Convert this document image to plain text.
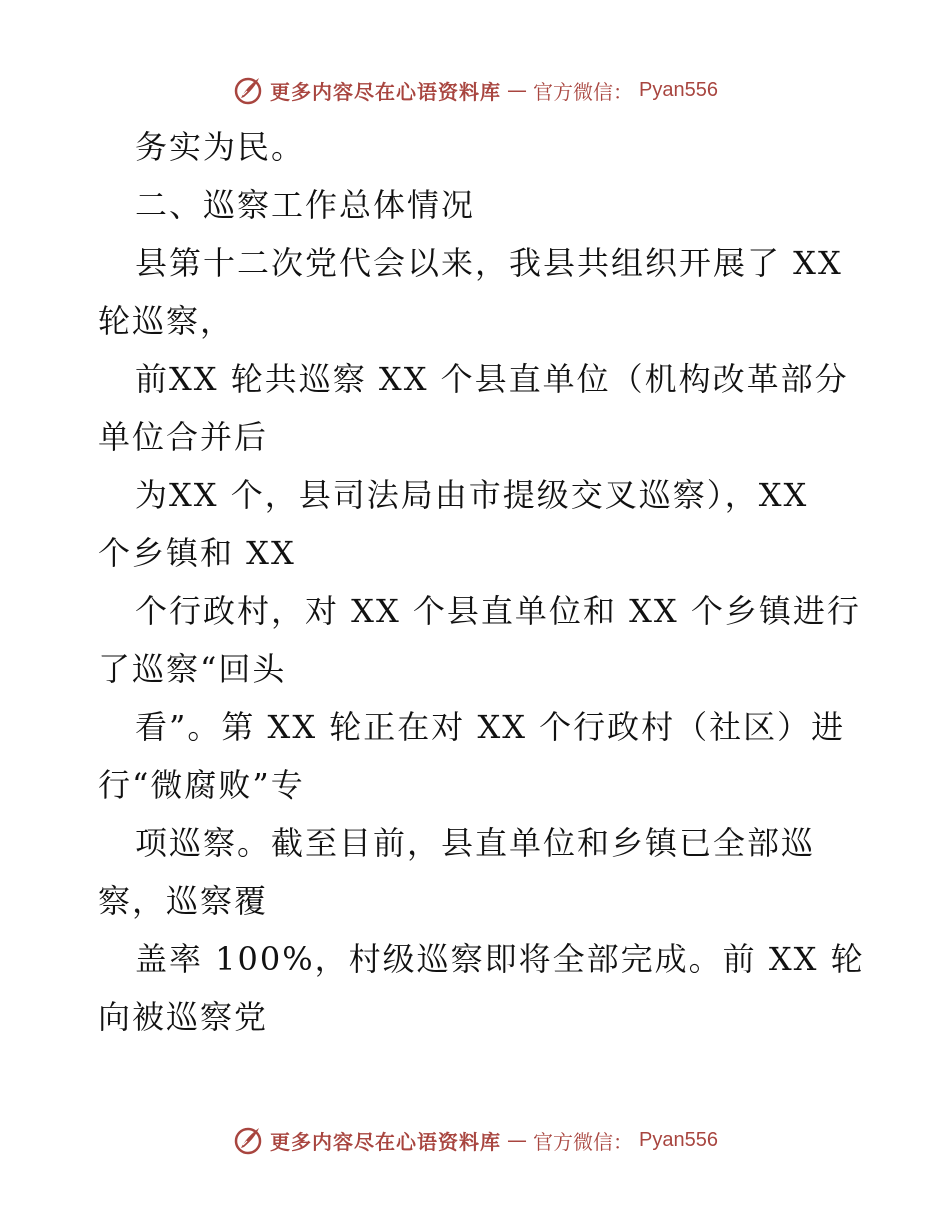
更多内容尽在心语资料库 — 官方微信： Pyan556
务实为民。
二、巡察工作总体情况
县第十二次党代会以来，我县共组织开展了 XX
轮巡察，
前XX 轮共巡察 XX 个县直单位（机构改革部分
单位合并后
为XX 个，县司法局由市提级交叉巡察），XX
个乡镇和 XX
个行政村，对 XX 个县直单位和 XX 个乡镇进行
了巡察“回头
看”。第 XX 轮正在对 XX 个行政村（社区）进
行“微腐败”专
项巡察。截至目前，县直单位和乡镇已全部巡
察，巡察覆
盖率 100%，村级巡察即将全部完成。前 XX 轮
向被巡察党
更多内容尽在心语资料库 — 官方微信： Pyan556
